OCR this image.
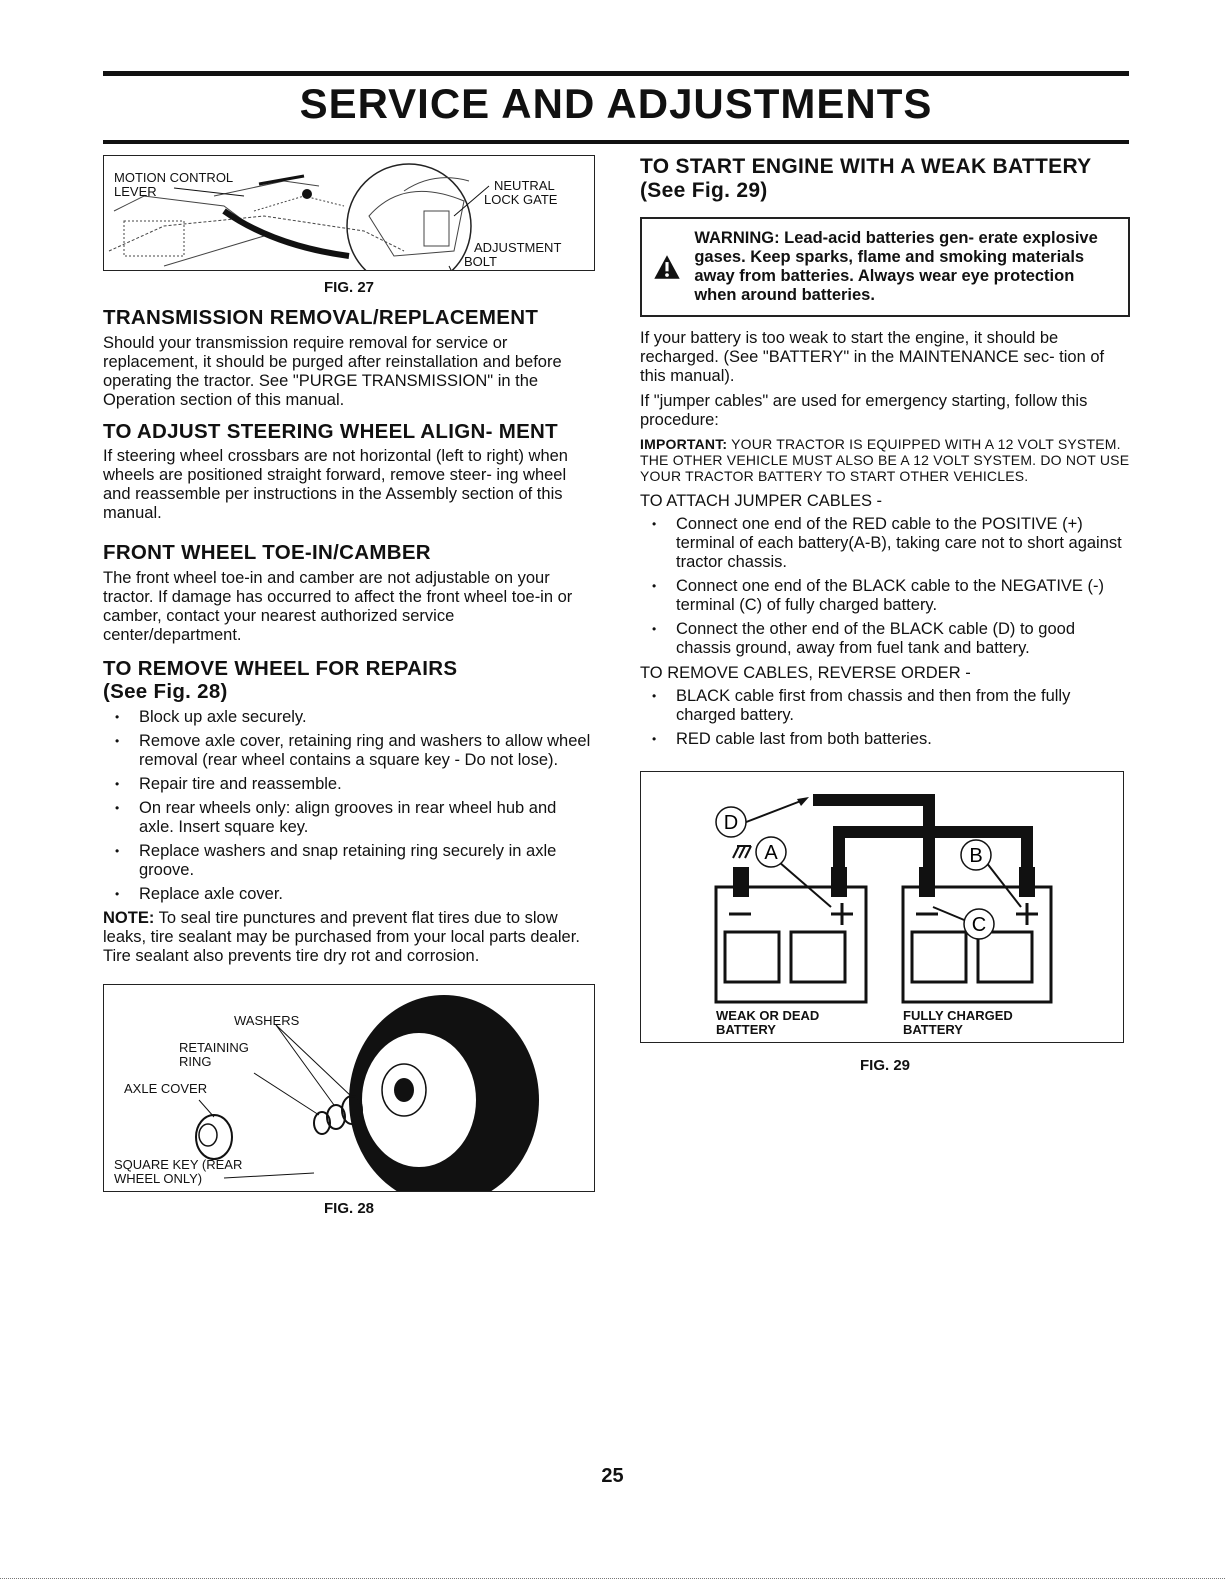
SERVICE AND ADJUSTMENTS
MOTION CONTROL
LEVER	NEUTRAL
LOCK GATE
ADJUSTMENT
BOLT
FIG. 27
TRANSMISSION REMOVAL/REPLACEMENT

Should your transmission require removal for service or replacement, it should be purged after reinstallation and before operating the tractor. See "PURGE TRANSMISSION" in the Operation section of this manual.

TO ADJUST STEERING WHEEL ALIGN- MENT

If steering wheel crossbars are not horizontal (left to right) when wheels are positioned straight forward, remove steer- ing wheel and reassemble per instructions in the Assembly section of this manual.

FRONT WHEEL TOE-IN/CAMBER

The front wheel toe-in and camber are not adjustable on your tractor. If damage has occurred to affect the front wheel toe-in or camber, contact your nearest authorized service center/department.

TO REMOVE WHEEL FOR REPAIRS
(See Fig. 28)
• Block up axle securely.
• Remove axle cover, retaining ring and washers to allow wheel removal (rear wheel contains a square key - Do not lose).
• Repair tire and reassemble.
• On rear wheels only: align grooves in rear wheel hub and axle. Insert square key.
• Replace washers and snap retaining ring securely in axle groove.
• Replace axle cover.

NOTE: To seal tire punctures and prevent flat tires due to slow leaks, tire sealant may be purchased from your local parts dealer. Tire sealant also prevents tire dry rot and corrosion.

WASHERS
RETAINING
RING
AXLE COVER
SQUARE KEY (REAR
WHEEL ONLY)
FIG. 28
TO START ENGINE WITH A WEAK BATTERY
(See Fig. 29)
WARNING: Lead-acid batteries gen- erate explosive gases. Keep sparks, flame and smoking materials away from batteries. Always wear eye protection when around batteries.

If your battery is too weak to start the engine, it should be recharged. (See "BATTERY" in the MAINTENANCE sec- tion of this manual).

If "jumper cables" are used for emergency starting, follow this procedure:

IMPORTANT: YOUR TRACTOR IS EQUIPPED WITH A 12 VOLT SYSTEM. THE OTHER VEHICLE MUST ALSO BE A 12 VOLT SYSTEM. DO NOT USE YOUR TRACTOR BATTERY TO START OTHER VEHICLES.

TO ATTACH JUMPER CABLES -

• Connect one end of the RED cable to the POSITIVE (+) terminal of each battery(A-B), taking care not to short against tractor chassis.
• Connect one end of the BLACK cable to the NEGATIVE (-) terminal (C) of fully charged battery.
• Connect the other end of the BLACK cable (D) to good chassis ground, away from fuel tank and battery.

TO REMOVE CABLES, REVERSE ORDER -

• BLACK cable first from chassis and then from the fully charged battery.
• RED cable last from both batteries.
D
A	B
C
WEAK OR DEAD
BATTERY
FULLY CHARGED
BATTERY
FIG. 29
25
